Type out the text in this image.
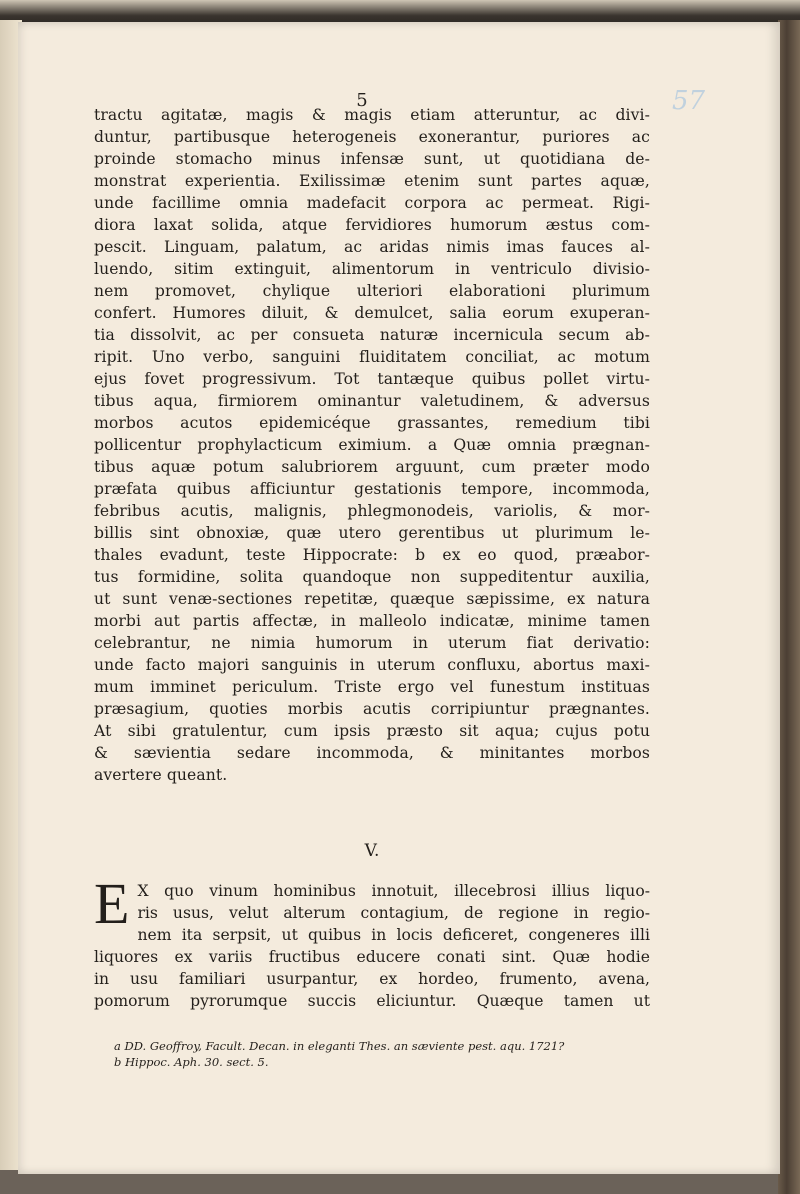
5	57
tractu agitatæ, magis & magis etiam atteruntur, ac divi-
duntur, partibusque heterogeneis exonerantur, puriores ac
proinde stomacho minus infensæ sunt, ut quotidiana de-
monstrat experientia. Exilissimæ etenim sunt partes aquæ,
unde facillime omnia madefacit corpora ac permeat. Rigi-
diora laxat solida, atque fervidiores humorum æstus com-
pescit. Linguam, palatum, ac aridas nimis imas fauces al-
luendo, sitim extinguit, alimentorum in ventriculo divisio-
nem promovet, chylique ulteriori elaborationi plurimum
confert. Humores diluit, & demulcet, salia eorum exuperan-
tia dissolvit, ac per consueta naturæ incernicula secum ab-
ripit. Uno verbo, sanguini fluiditatem conciliat, ac motum
ejus fovet progressivum. Tot tantæque quibus pollet virtu-
tibus aqua, firmiorem ominantur valetudinem, & adversus
morbos acutos epidemicéque grassantes, remedium tibi
pollicentur prophylacticum eximium. a Quæ omnia prægnan-
tibus aquæ potum salubriorem arguunt, cum præter modo
præfata quibus afficiuntur gestationis tempore, incommoda,
febribus acutis, malignis, phlegmonodeis, variolis, & mor-
billis sint obnoxiæ, quæ utero gerentibus ut plurimum le-
thales evadunt, teste Hippocrate: b ex eo quod, præabor-
tus formidine, solita quandoque non suppeditentur auxilia,
ut sunt venæ-sectiones repetitæ, quæque sæpissime, ex natura
morbi aut partis affectæ, in malleolo indicatæ, minime tamen
celebrantur, ne nimia humorum in uterum fiat derivatio:
unde facto majori sanguinis in uterum confluxu, abortus maxi-
mum imminet periculum. Triste ergo vel funestum instituas
præsagium, quoties morbis acutis corripiuntur prægnantes.
At sibi gratulentur, cum ipsis præsto sit aqua; cujus potu
& sævientia sedare incommoda, & minitantes morbos
avertere queant.
V.
E X quo vinum hominibus innotuit, illecebrosi illius liquo-
ris usus, velut alterum contagium, de regione in regio-
nem ita serpsit, ut quibus in locis deficeret, congeneres illi
liquores ex variis fructibus educere conati sint. Quæ hodie
in usu familiari usurpantur, ex hordeo, frumento, avena,
pomorum pyrorumque succis eliciuntur. Quæque tamen ut
a DD. Geoffroy, Facult. Decan. in eleganti Thes. an sæviente pest. aqu. 1721?
b Hippoc. Aph. 30. sect. 5.
